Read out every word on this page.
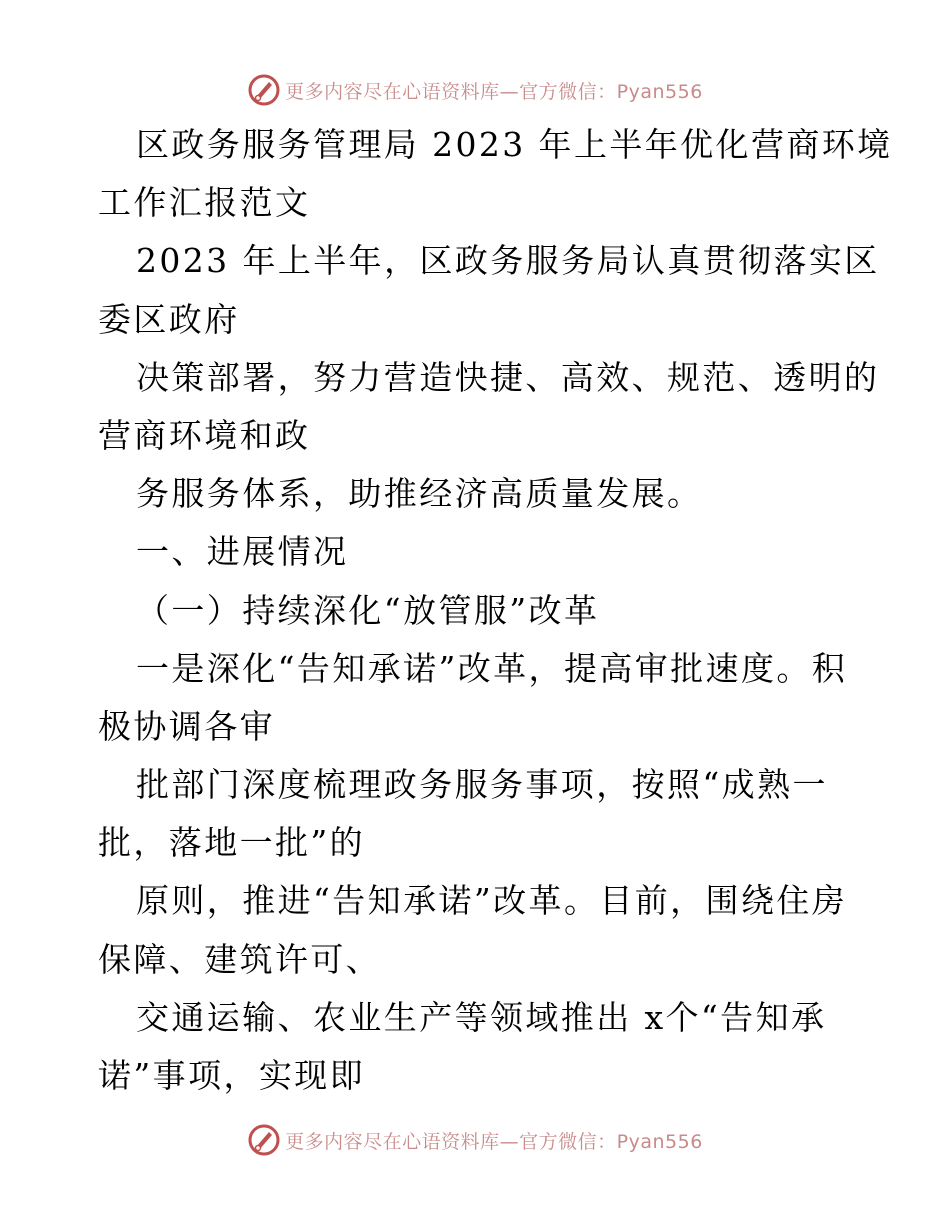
更多内容尽在心语资料库—官方微信：Pyan556
区政务服务管理局 2023 年上半年优化营商环境
工作汇报范文
2023 年上半年，区政务服务局认真贯彻落实区
委区政府
决策部署，努力营造快捷、高效、规范、透明的
营商环境和政
务服务体系，助推经济高质量发展。
一、进展情况
（一）持续深化“放管服”改革
一是深化“告知承诺”改革，提高审批速度。积
极协调各审
批部门深度梳理政务服务事项，按照“成熟一
批，落地一批”的
原则，推进“告知承诺”改革。目前，围绕住房
保障、建筑许可、
交通运输、农业生产等领域推出 x个“告知承
诺”事项，实现即
更多内容尽在心语资料库—官方微信：Pyan556
